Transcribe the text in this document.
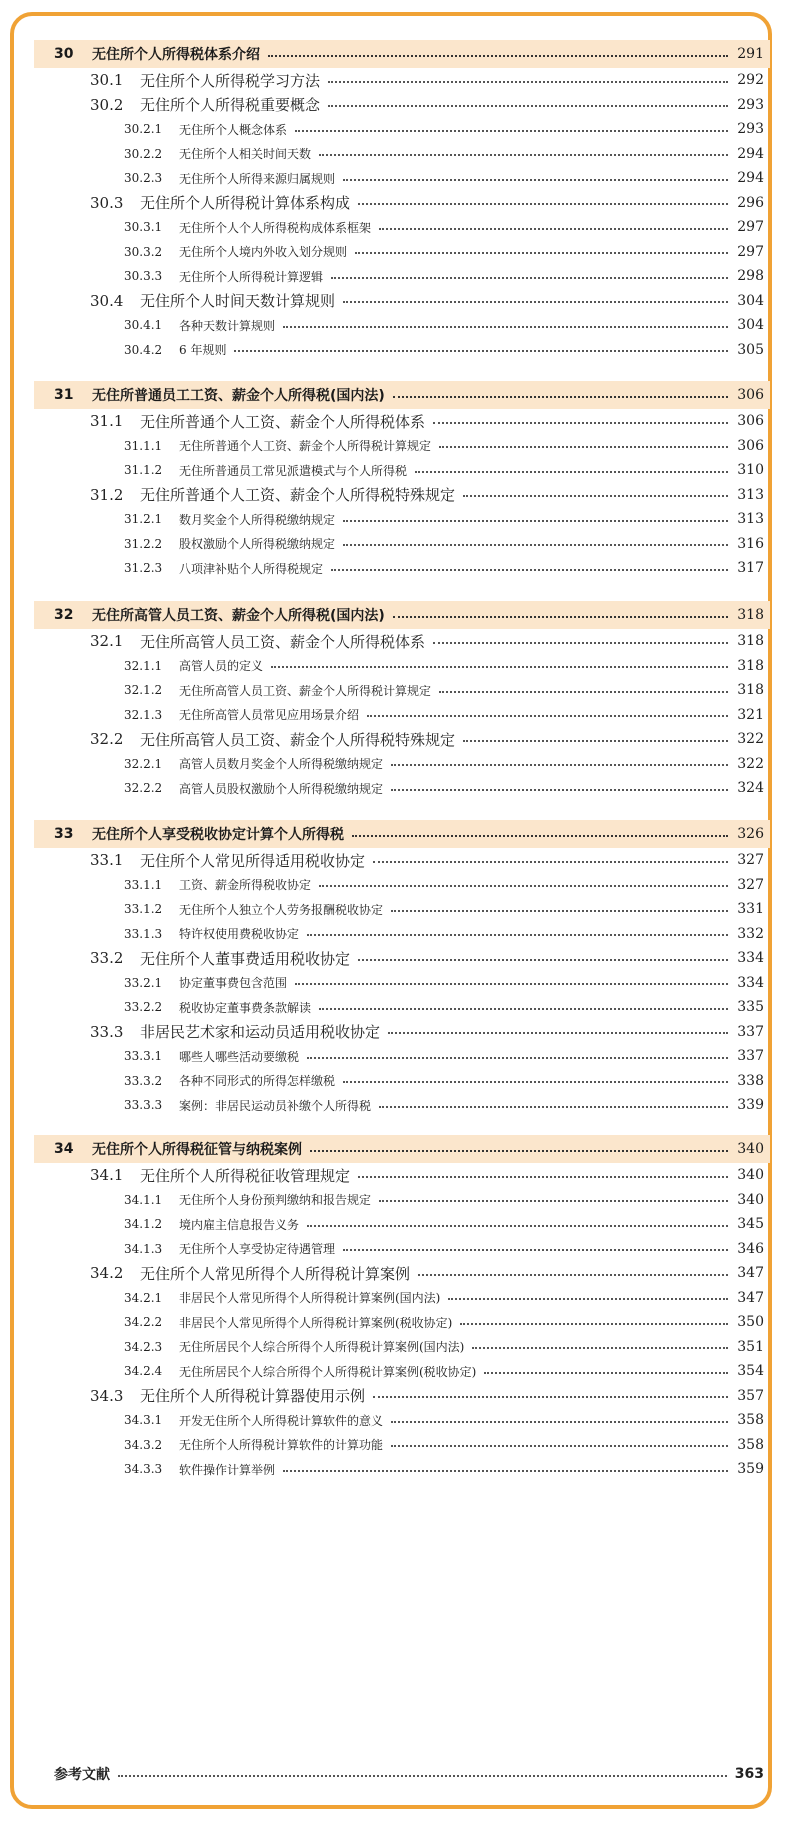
30	无住所个人所得税体系介绍	291
30.1	无住所个人所得税学习方法	292
30.2	无住所个人所得税重要概念	293
30.2.1	无住所个人概念体系	293
30.2.2	无住所个人相关时间天数	294
30.2.3	无住所个人所得来源归属规则	294
30.3	无住所个人所得税计算体系构成	296
30.3.1	无住所个人个人所得税构成体系框架	297
30.3.2	无住所个人境内外收入划分规则	297
30.3.3	无住所个人所得税计算逻辑	298
30.4	无住所个人时间天数计算规则	304
30.4.1	各种天数计算规则	304
30.4.2	6 年规则	305
31	无住所普通员工工资、薪金个人所得税(国内法)	306
31.1	无住所普通个人工资、薪金个人所得税体系	306
31.1.1	无住所普通个人工资、薪金个人所得税计算规定	306
31.1.2	无住所普通员工常见派遣模式与个人所得税	310
31.2	无住所普通个人工资、薪金个人所得税特殊规定	313
31.2.1	数月奖金个人所得税缴纳规定	313
31.2.2	股权激励个人所得税缴纳规定	316
31.2.3	八项津补贴个人所得税规定	317
32	无住所高管人员工资、薪金个人所得税(国内法)	318
32.1	无住所高管人员工资、薪金个人所得税体系	318
32.1.1	高管人员的定义	318
32.1.2	无住所高管人员工资、薪金个人所得税计算规定	318
32.1.3	无住所高管人员常见应用场景介绍	321
32.2	无住所高管人员工资、薪金个人所得税特殊规定	322
32.2.1	高管人员数月奖金个人所得税缴纳规定	322
32.2.2	高管人员股权激励个人所得税缴纳规定	324
33	无住所个人享受税收协定计算个人所得税	326
33.1	无住所个人常见所得适用税收协定	327
33.1.1	工资、薪金所得税收协定	327
33.1.2	无住所个人独立个人劳务报酬税收协定	331
33.1.3	特许权使用费税收协定	332
33.2	无住所个人董事费适用税收协定	334
33.2.1	协定董事费包含范围	334
33.2.2	税收协定董事费条款解读	335
33.3	非居民艺术家和运动员适用税收协定	337
33.3.1	哪些人哪些活动要缴税	337
33.3.2	各种不同形式的所得怎样缴税	338
33.3.3	案例：非居民运动员补缴个人所得税	339
34	无住所个人所得税征管与纳税案例	340
34.1	无住所个人所得税征收管理规定	340
34.1.1	无住所个人身份预判缴纳和报告规定	340
34.1.2	境内雇主信息报告义务	345
34.1.3	无住所个人享受协定待遇管理	346
34.2	无住所个人常见所得个人所得税计算案例	347
34.2.1	非居民个人常见所得个人所得税计算案例(国内法)	347
34.2.2	非居民个人常见所得个人所得税计算案例(税收协定)	350
34.2.3	无住所居民个人综合所得个人所得税计算案例(国内法)	351
34.2.4	无住所居民个人综合所得个人所得税计算案例(税收协定)	354
34.3	无住所个人所得税计算器使用示例	357
34.3.1	开发无住所个人所得税计算软件的意义	358
34.3.2	无住所个人所得税计算软件的计算功能	358
34.3.3	软件操作计算举例	359
参考文献	363
